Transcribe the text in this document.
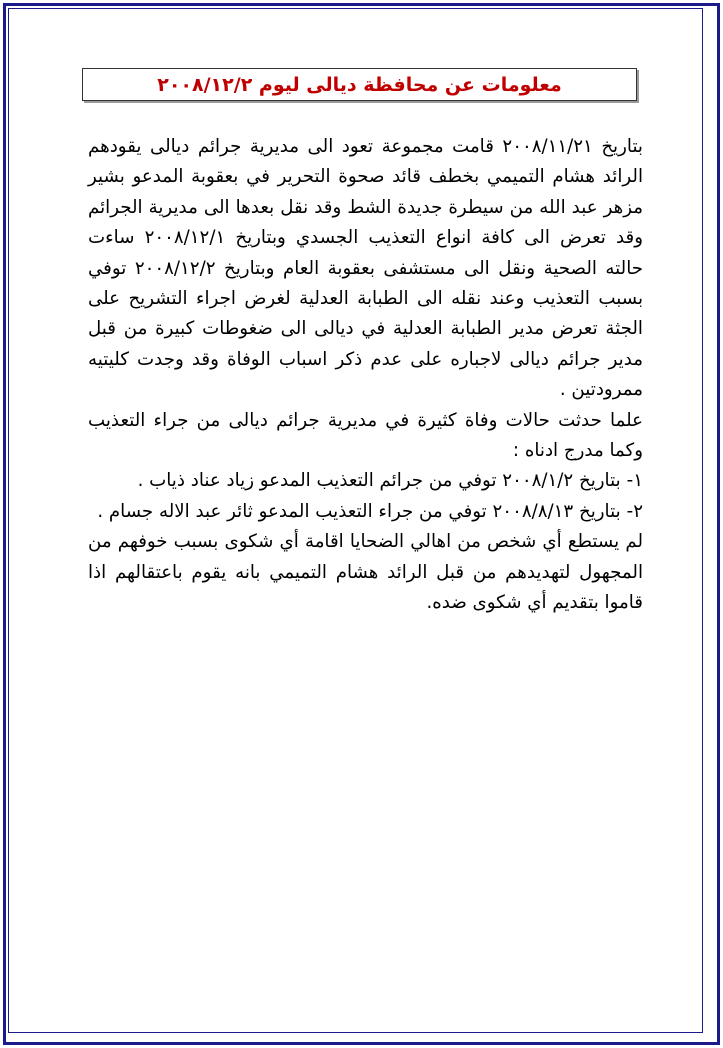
معلومات عن محافظة ديالى ليوم ٢٠٠٨/١٢/٢

بتاريخ ٢٠٠٨/١١/٢١ قامت مجموعة تعود الى مديرية جرائم ديالى يقودهم الرائد هشام التميمي بخطف قائد صحوة التحرير في بعقوبة المدعو بشير مزهر عبد الله من سيطرة جديدة الشط وقد نقل بعدها الى مديرية الجرائم وقد تعرض الى كافة انواع التعذيب الجسدي وبتاريخ ٢٠٠٨/١٢/١ ساءت حالته الصحية ونقل الى مستشفى بعقوبة العام وبتاريخ ٢٠٠٨/١٢/٢ توفي بسبب التعذيب وعند نقله الى الطبابة العدلية لغرض اجراء التشريح على الجثة تعرض مدير الطبابة العدلية في ديالى الى ضغوطات كبيرة من قبل مدير جرائم ديالى لاجباره على عدم ذكر اسباب الوفاة وقد وجدت كليتيه ممرودتين .

علما حدثت حالات وفاة كثيرة في مديرية جرائم ديالى من جراء التعذيب وكما مدرج ادناه :

١-
بتاريخ ٢٠٠٨/١/٢ توفي من جرائم التعذيب المدعو زياد عناد ذياب .
٢-
بتاريخ ٢٠٠٨/٨/١٣ توفي من جراء التعذيب المدعو ثائر عبد الاله جسام .

لم يستطع أي شخص من اهالي الضحايا اقامة أي شكوى بسبب خوفهم من المجهول لتهديدهم من قبل الرائد هشام التميمي بانه يقوم باعتقالهم اذا قاموا بتقديم أي شكوى ضده.
